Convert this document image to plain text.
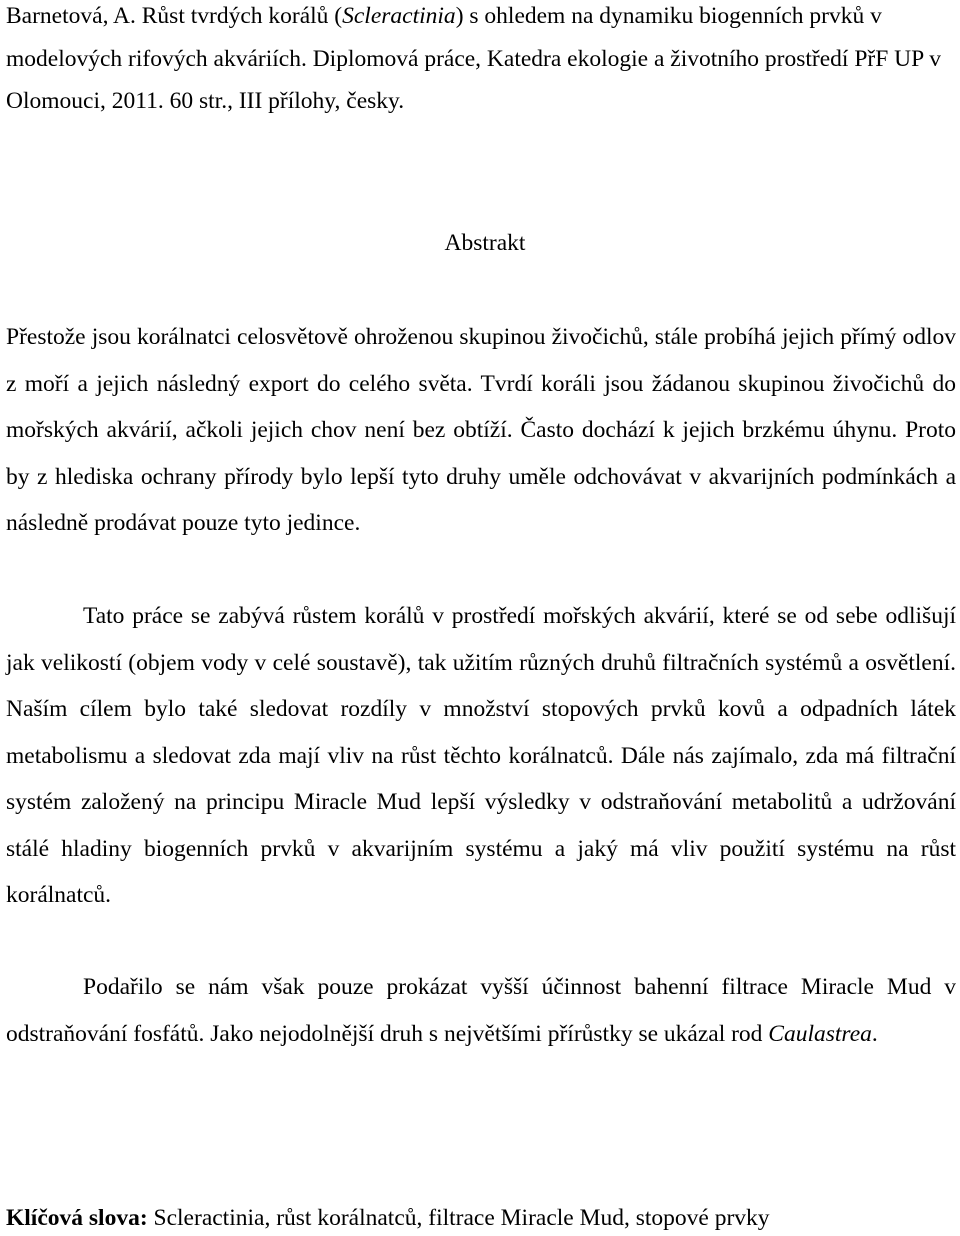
Barnetová, A. Růst tvrdých korálů (Scleractinia) s ohledem na dynamiku biogenních prvků v modelových rifových akváriích. Diplomová práce, Katedra ekologie a životního prostředí PřF UP v Olomouci, 2011. 60 str., III přílohy, česky.

Abstrakt

Přestože jsou korálnatci celosvětově ohroženou skupinou živočichů, stále probíhá jejich přímý odlov z moří a jejich následný export do celého světa. Tvrdí koráli jsou žádanou skupinou živočichů do mořských akvárií, ačkoli jejich chov není bez obtíží. Často dochází k jejich brzkému úhynu. Proto by z hlediska ochrany přírody bylo lepší tyto druhy uměle odchovávat v akvarijních podmínkách a následně prodávat pouze tyto jedince.

Tato práce se zabývá růstem korálů v prostředí mořských akvárií, které se od sebe odlišují jak velikostí (objem vody v celé soustavě), tak užitím různých druhů filtračních systémů a osvětlení. Naším cílem bylo také sledovat rozdíly v množství stopových prvků kovů a odpadních látek metabolismu a sledovat zda mají vliv na růst těchto korálnatců. Dále nás zajímalo, zda má filtrační systém založený na principu Miracle Mud lepší výsledky v odstraňování metabolitů a udržování stálé hladiny biogenních prvků v akvarijním systému a jaký má vliv použití systému na růst korálnatců.

Podařilo se nám však pouze prokázat vyšší účinnost bahenní filtrace Miracle Mud v odstraňování fosfátů. Jako nejodolnější druh s největšími přírůstky se ukázal rod Caulastrea.

Klíčová slova: Scleractinia, růst korálnatců, filtrace Miracle Mud, stopové prvky
